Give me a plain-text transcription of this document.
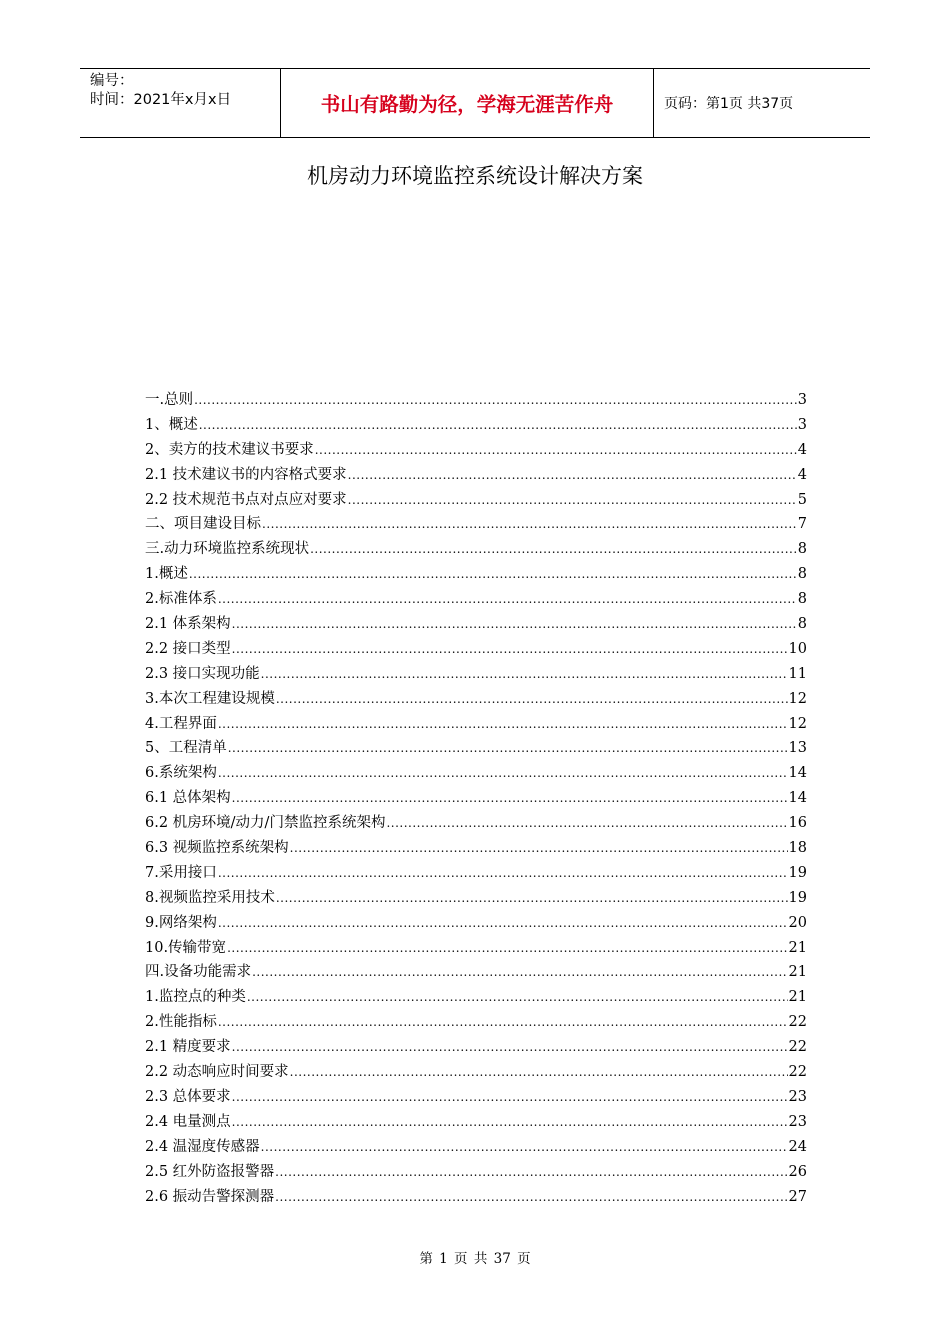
编号：
时间：2021年x月x日	书山有路勤为径，学海无涯苦作舟	页码：第1页 共37页
机房动力环境监控系统设计解决方案
一.总则 .....	3
1、概述 .....	3
2、卖方的技术建议书要求 .....	4
2.1 技术建议书的内容格式要求 .....	4
2.2 技术规范书点对点应对要求 .....	5
二、项目建设目标 .....	7
三.动力环境监控系统现状 .....	8
1.概述 .....	8
2.标准体系 .....	8
2.1 体系架构 .....	8
2.2 接口类型 .....	10
2.3 接口实现功能 .....	11
3.本次工程建设规模 .....	12
4.工程界面 .....	12
5、工程清单 .....	13
6.系统架构 .....	14
6.1 总体架构 .....	14
6.2 机房环境/动力/门禁监控系统架构 .....	16
6.3 视频监控系统架构 .....	18
7.采用接口 .....	19
8.视频监控采用技术 .....	19
9.网络架构 .....	20
10.传输带宽 .....	21
四.设备功能需求 .....	21
1.监控点的种类 .....	21
2.性能指标 .....	22
2.1 精度要求 .....	22
2.2 动态响应时间要求 .....	22
2.3 总体要求 .....	23
2.4 电量测点 .....	23
2.4 温湿度传感器 .....	24
2.5 红外防盗报警器 .....	26
2.6 振动告警探测器 .....	27
第 1 页 共 37 页
